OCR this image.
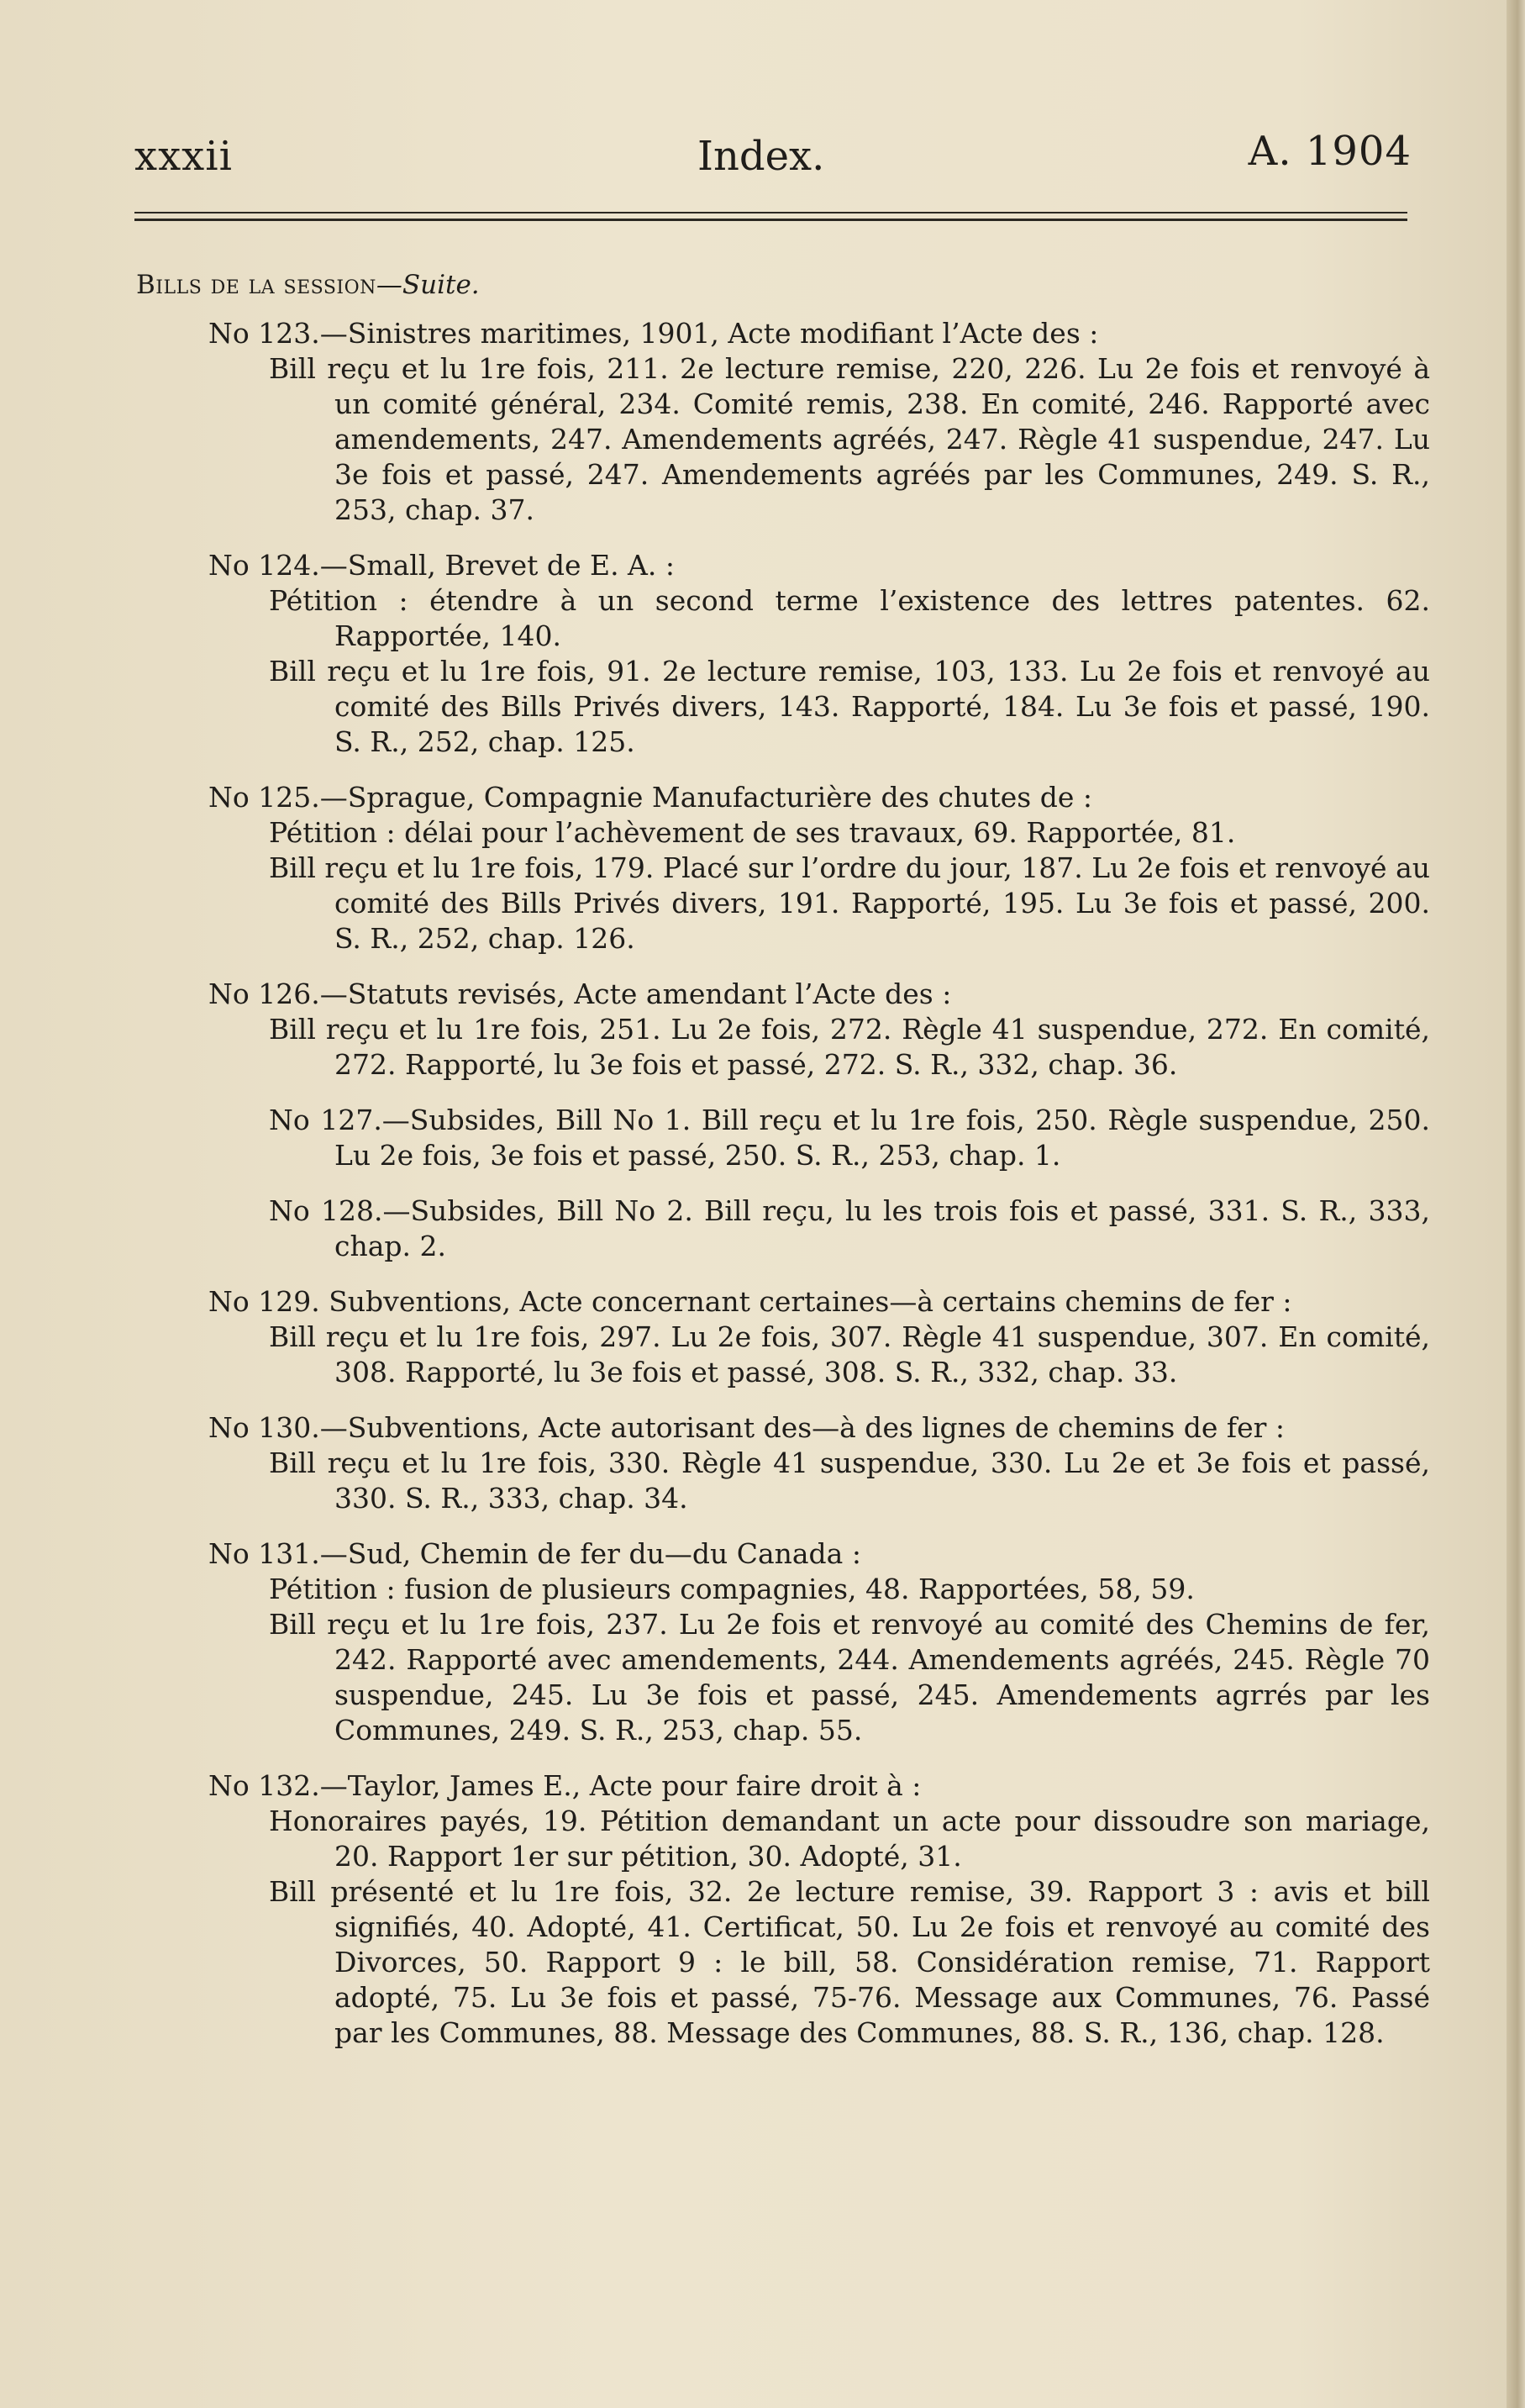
xxxii	Index.	A. 1904

Bills de la session—Suite.

No 123.—Sinistres maritimes, 1901, Acte modifiant l’Acte des :

Bill reçu et lu 1re fois, 211. 2e lecture remise, 220, 226. Lu 2e fois et renvoyé à un comité général, 234. Comité remis, 238. En comité, 246. Rapporté avec amendements, 247. Amendements agréés, 247. Règle 41 suspendue, 247. Lu 3e fois et passé, 247. Amendements agréés par les Communes, 249. S. R., 253, chap. 37.

No 124.—Small, Brevet de E. A. :

Pétition : étendre à un second terme l’existence des lettres patentes. 62. Rapportée, 140.

Bill reçu et lu 1re fois, 91. 2e lecture remise, 103, 133. Lu 2e fois et renvoyé au comité des Bills Privés divers, 143. Rapporté, 184. Lu 3e fois et passé, 190. S. R., 252, chap. 125.

No 125.—Sprague, Compagnie Manufacturière des chutes de :

Pétition : délai pour l’achèvement de ses travaux, 69. Rapportée, 81.

Bill reçu et lu 1re fois, 179. Placé sur l’ordre du jour, 187. Lu 2e fois et renvoyé au comité des Bills Privés divers, 191. Rapporté, 195. Lu 3e fois et passé, 200. S. R., 252, chap. 126.

No 126.—Statuts revisés, Acte amendant l’Acte des :

Bill reçu et lu 1re fois, 251. Lu 2e fois, 272. Règle 41 suspendue, 272. En comité, 272. Rapporté, lu 3e fois et passé, 272. S. R., 332, chap. 36.

No 127.—Subsides, Bill No 1. Bill reçu et lu 1re fois, 250. Règle suspendue, 250. Lu 2e fois, 3e fois et passé, 250. S. R., 253, chap. 1.

No 128.—Subsides, Bill No 2. Bill reçu, lu les trois fois et passé, 331. S. R., 333, chap. 2.

No 129. Subventions, Acte concernant certaines—à certains chemins de fer :

Bill reçu et lu 1re fois, 297. Lu 2e fois, 307. Règle 41 suspendue, 307. En comité, 308. Rapporté, lu 3e fois et passé, 308. S. R., 332, chap. 33.

No 130.—Subventions, Acte autorisant des—à des lignes de chemins de fer :

Bill reçu et lu 1re fois, 330. Règle 41 suspendue, 330. Lu 2e et 3e fois et passé, 330. S. R., 333, chap. 34.

No 131.—Sud, Chemin de fer du—du Canada :

Pétition : fusion de plusieurs compagnies, 48. Rapportées, 58, 59.

Bill reçu et lu 1re fois, 237. Lu 2e fois et renvoyé au comité des Chemins de fer, 242. Rapporté avec amendements, 244. Amendements agréés, 245. Règle 70 suspendue, 245. Lu 3e fois et passé, 245. Amendements agrrés par les Communes, 249. S. R., 253, chap. 55.

No 132.—Taylor, James E., Acte pour faire droit à :

Honoraires payés, 19. Pétition demandant un acte pour dissoudre son mariage, 20. Rapport 1er sur pétition, 30. Adopté, 31.

Bill présenté et lu 1re fois, 32. 2e lecture remise, 39. Rapport 3 : avis et bill signifiés, 40. Adopté, 41. Certificat, 50. Lu 2e fois et renvoyé au comité des Divorces, 50. Rapport 9 : le bill, 58. Considération remise, 71. Rapport adopté, 75. Lu 3e fois et passé, 75-76. Message aux Communes, 76. Passé par les Communes, 88. Message des Communes, 88. S. R., 136, chap. 128.
